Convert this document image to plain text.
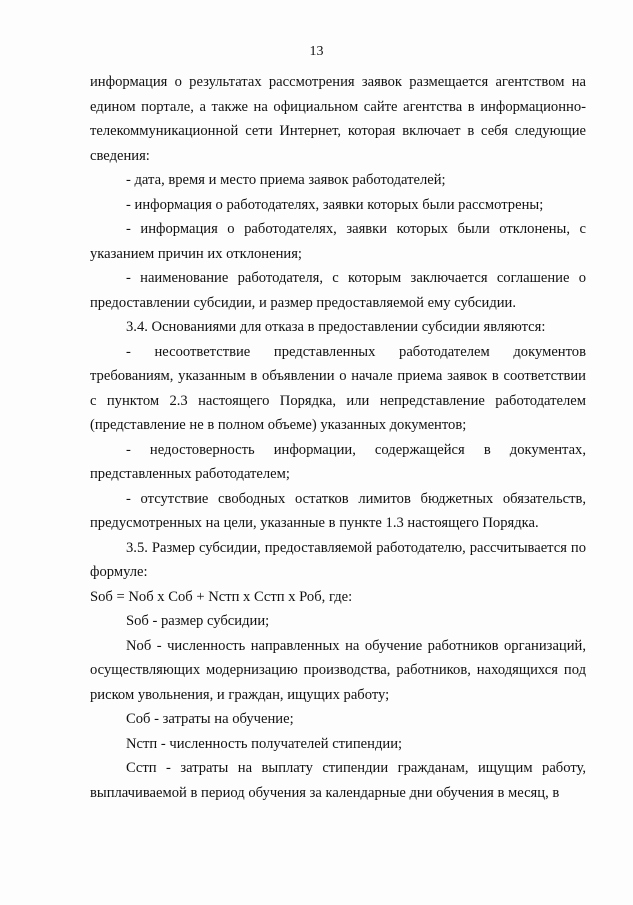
13

информация о результатах рассмотрения заявок размещается агентством на едином портале, а также на официальном сайте агентства в информационно-телекоммуникационной сети Интернет, которая включает в себя следующие сведения:

- дата, время и место приема заявок работодателей;

- информация о работодателях, заявки которых были рассмотрены;

- информация о работодателях, заявки которых были отклонены, с указанием причин их отклонения;

- наименование работодателя, с которым заключается соглашение о предоставлении субсидии, и размер предоставляемой ему субсидии.

3.4. Основаниями для отказа в предоставлении субсидии являются:

- несоответствие представленных работодателем документов требованиям, указанным в объявлении о начале приема заявок в соответствии с пунктом 2.3 настоящего Порядка, или непредставление работодателем (представление не в полном объеме) указанных документов;

- недостоверность информации, содержащейся в документах, представленных работодателем;

- отсутствие свободных остатков лимитов бюджетных обязательств, предусмотренных на цели, указанные в пункте 1.3 настоящего Порядка.

3.5. Размер субсидии, предоставляемой работодателю, рассчитывается по формуле:

Sоб = Nоб x Cоб + Nстп x Сстп x Роб, где:

Sоб - размер субсидии;

Nоб - численность направленных на обучение работников организаций, осуществляющих модернизацию производства, работников, находящихся под риском увольнения, и граждан, ищущих работу;

Cоб - затраты на обучение;

Nстп - численность получателей стипендии;

Сстп - затраты на выплату стипендии гражданам, ищущим работу, выплачиваемой в период обучения за календарные дни обучения в месяц, в
